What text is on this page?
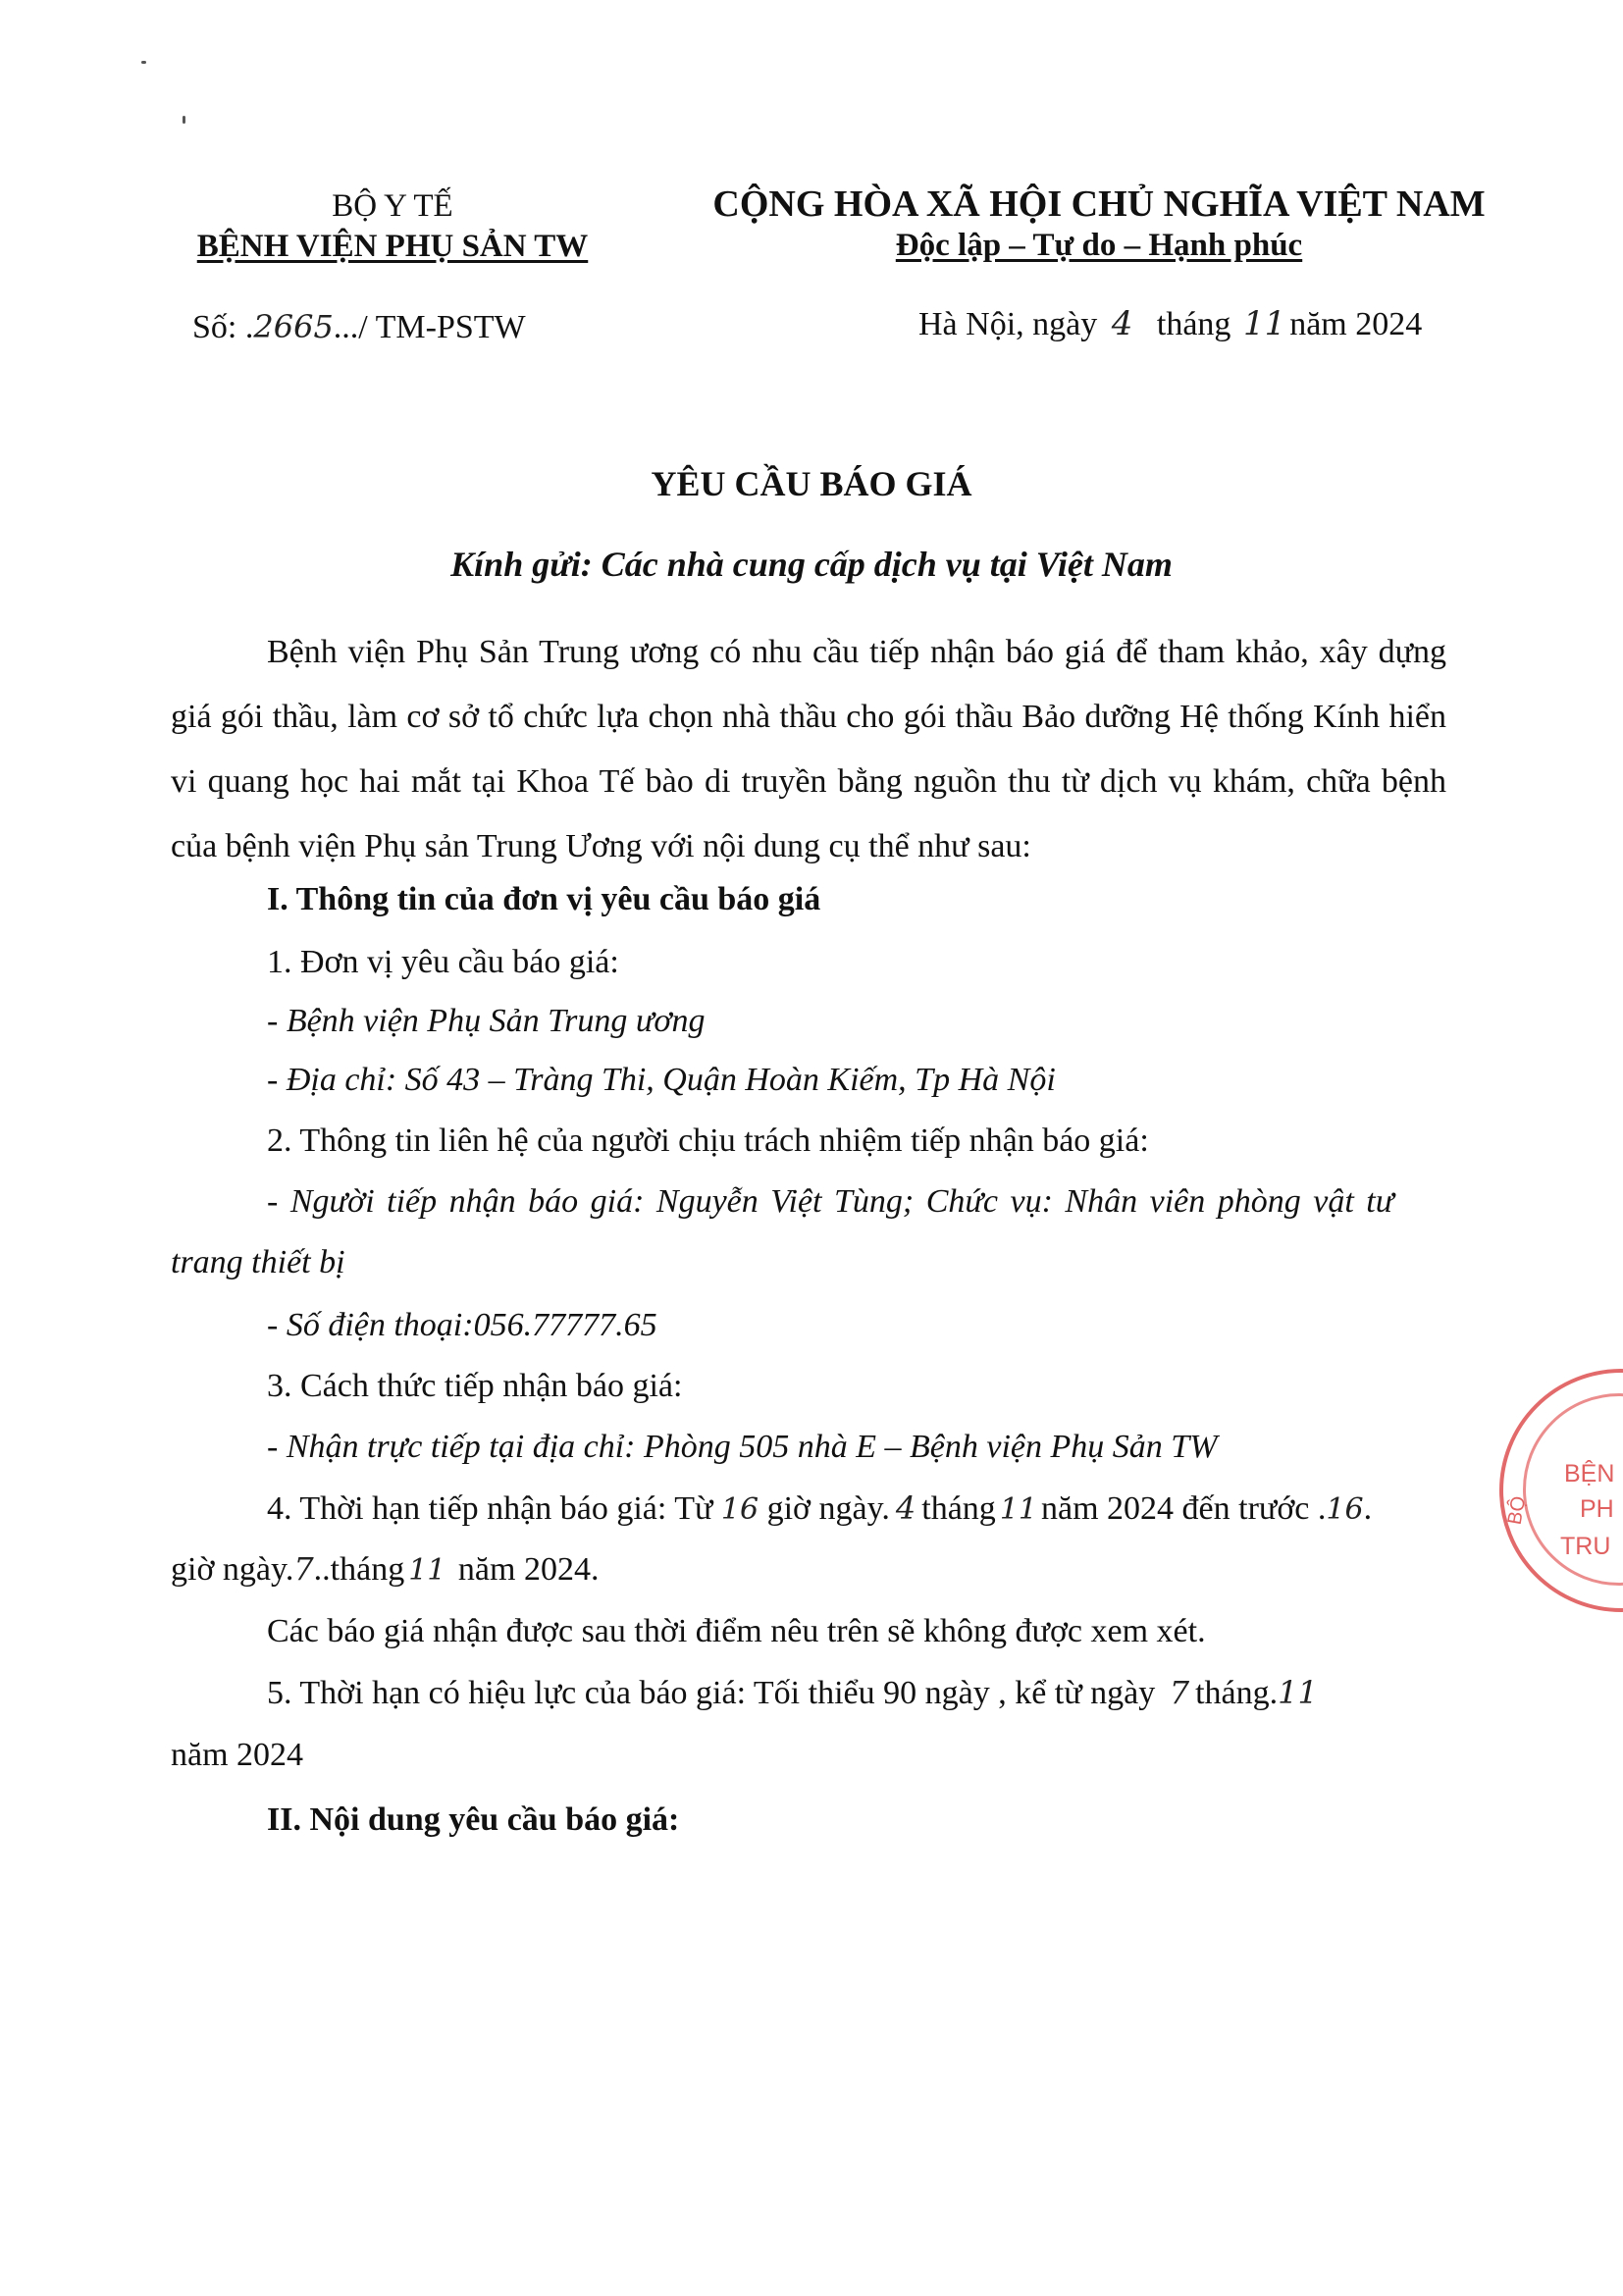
BỘ Y TẾ
BỆNH VIỆN PHỤ SẢN TW
CỘNG HÒA XÃ HỘI CHỦ NGHĨA VIỆT NAM
Độc lập – Tự do – Hạnh phúc
Số: .2665.../ TM-PSTW	Hà Nội, ngày 4 tháng 11 năm 2024
YÊU CẦU BÁO GIÁ
Kính gửi: Các nhà cung cấp dịch vụ tại Việt Nam
Bệnh viện Phụ Sản Trung ương có nhu cầu tiếp nhận báo giá để tham khảo, xây dựng giá gói thầu, làm cơ sở tổ chức lựa chọn nhà thầu cho gói thầu Bảo dưỡng Hệ thống Kính hiển vi quang học hai mắt tại Khoa Tế bào di truyền bằng nguồn thu từ dịch vụ khám, chữa bệnh của bệnh viện Phụ sản Trung Ương với nội dung cụ thể như sau:
I. Thông tin của đơn vị yêu cầu báo giá
1. Đơn vị yêu cầu báo giá:
- Bệnh viện Phụ Sản Trung ương
- Địa chỉ: Số 43 – Tràng Thi, Quận Hoàn Kiếm, Tp Hà Nội
2. Thông tin liên hệ của người chịu trách nhiệm tiếp nhận báo giá:
- Người tiếp nhận báo giá: Nguyễn Việt Tùng; Chức vụ: Nhân viên phòng vật tư
trang thiết bị
- Số điện thoại:056.77777.65
3. Cách thức tiếp nhận báo giá:
- Nhận trực tiếp tại địa chỉ: Phòng 505 nhà E – Bệnh viện Phụ Sản TW
4. Thời hạn tiếp nhận báo giá: Từ 16 giờ ngày. 4 tháng 11 năm 2024 đến trước .16.
giờ ngày.7..tháng 11 năm 2024.
Các báo giá nhận được sau thời điểm nêu trên sẽ không được xem xét.
5. Thời hạn có hiệu lực của báo giá: Tối thiểu 90 ngày , kể từ ngày 7 tháng.11
năm 2024
II. Nội dung yêu cầu báo giá:
BỆN
PH
TRU
BỘ
